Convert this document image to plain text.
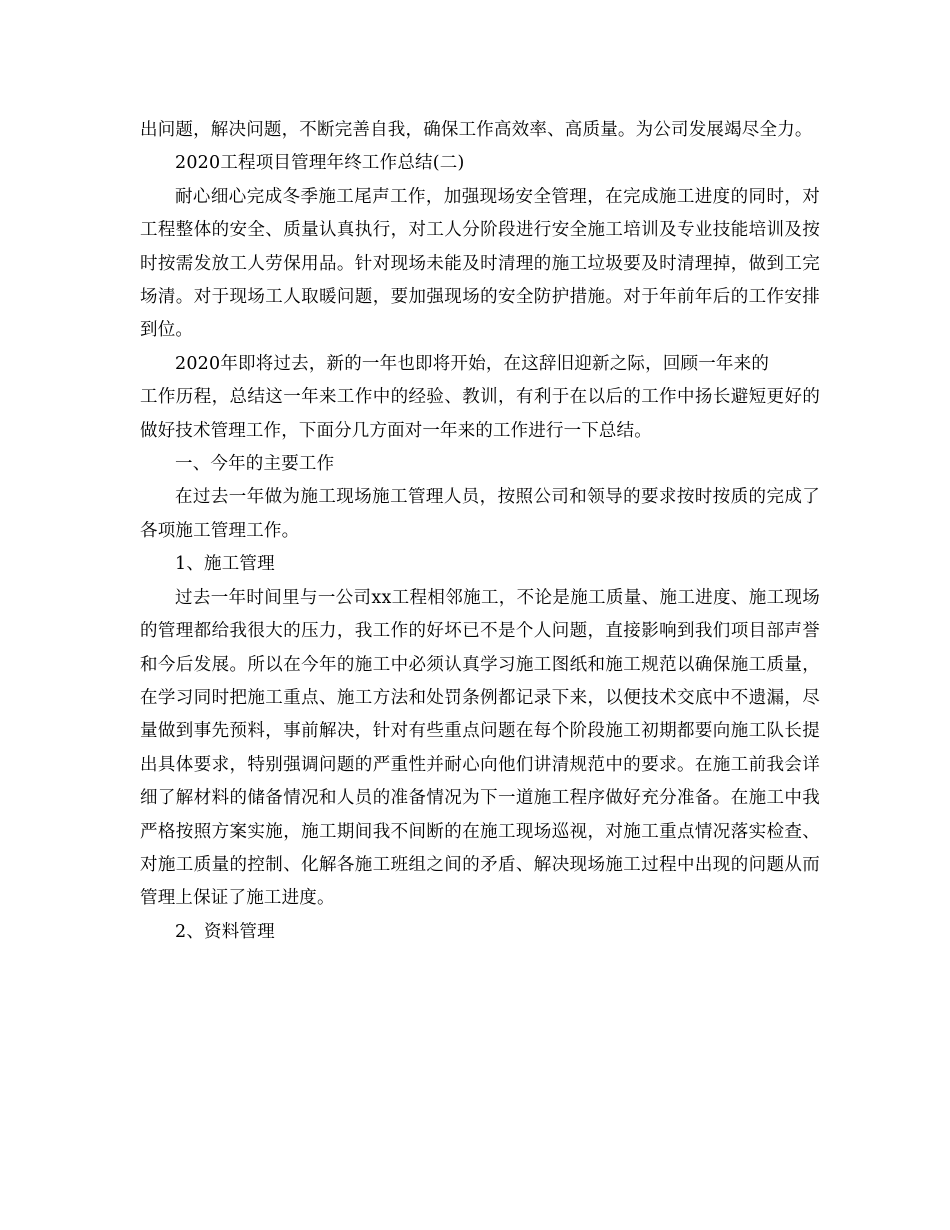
出问题，解决问题，不断完善自我，确保工作高效率、高质量。为公司发展竭尽全力。

2020工程项目管理年终工作总结(二)

耐心细心完成冬季施工尾声工作，加强现场安全管理，在完成施工进度的同时，对工程整体的安全、质量认真执行，对工人分阶段进行安全施工培训及专业技能培训及按时按需发放工人劳保用品。针对现场未能及时清理的施工垃圾要及时清理掉，做到工完场清。对于现场工人取暖问题，要加强现场的安全防护措施。对于年前年后的工作安排到位。

2020年即将过去，新的一年也即将开始，在这辞旧迎新之际，回顾一年来的

工作历程，总结这一年来工作中的经验、教训，有利于在以后的工作中扬长避短更好的做好技术管理工作，下面分几方面对一年来的工作进行一下总结。

一、今年的主要工作

在过去一年做为施工现场施工管理人员，按照公司和领导的要求按时按质的完成了各项施工管理工作。

1、施工管理

过去一年时间里与一公司xx工程相邻施工，不论是施工质量、施工进度、施工现场的管理都给我很大的压力，我工作的好坏已不是个人问题，直接影响到我们项目部声誉和今后发展。所以在今年的施工中必须认真学习施工图纸和施工规范以确保施工质量，在学习同时把施工重点、施工方法和处罚条例都记录下来，以便技术交底中不遗漏，尽量做到事先预料，事前解决，针对有些重点问题在每个阶段施工初期都要向施工队长提出具体要求，特别强调问题的严重性并耐心向他们讲清规范中的要求。在施工前我会详细了解材料的储备情况和人员的准备情况为下一道施工程序做好充分准备。在施工中我严格按照方案实施，施工期间我不间断的在施工现场巡视，对施工重点情况落实检查、对施工质量的控制、化解各施工班组之间的矛盾、解决现场施工过程中出现的问题从而管理上保证了施工进度。

2、资料管理
